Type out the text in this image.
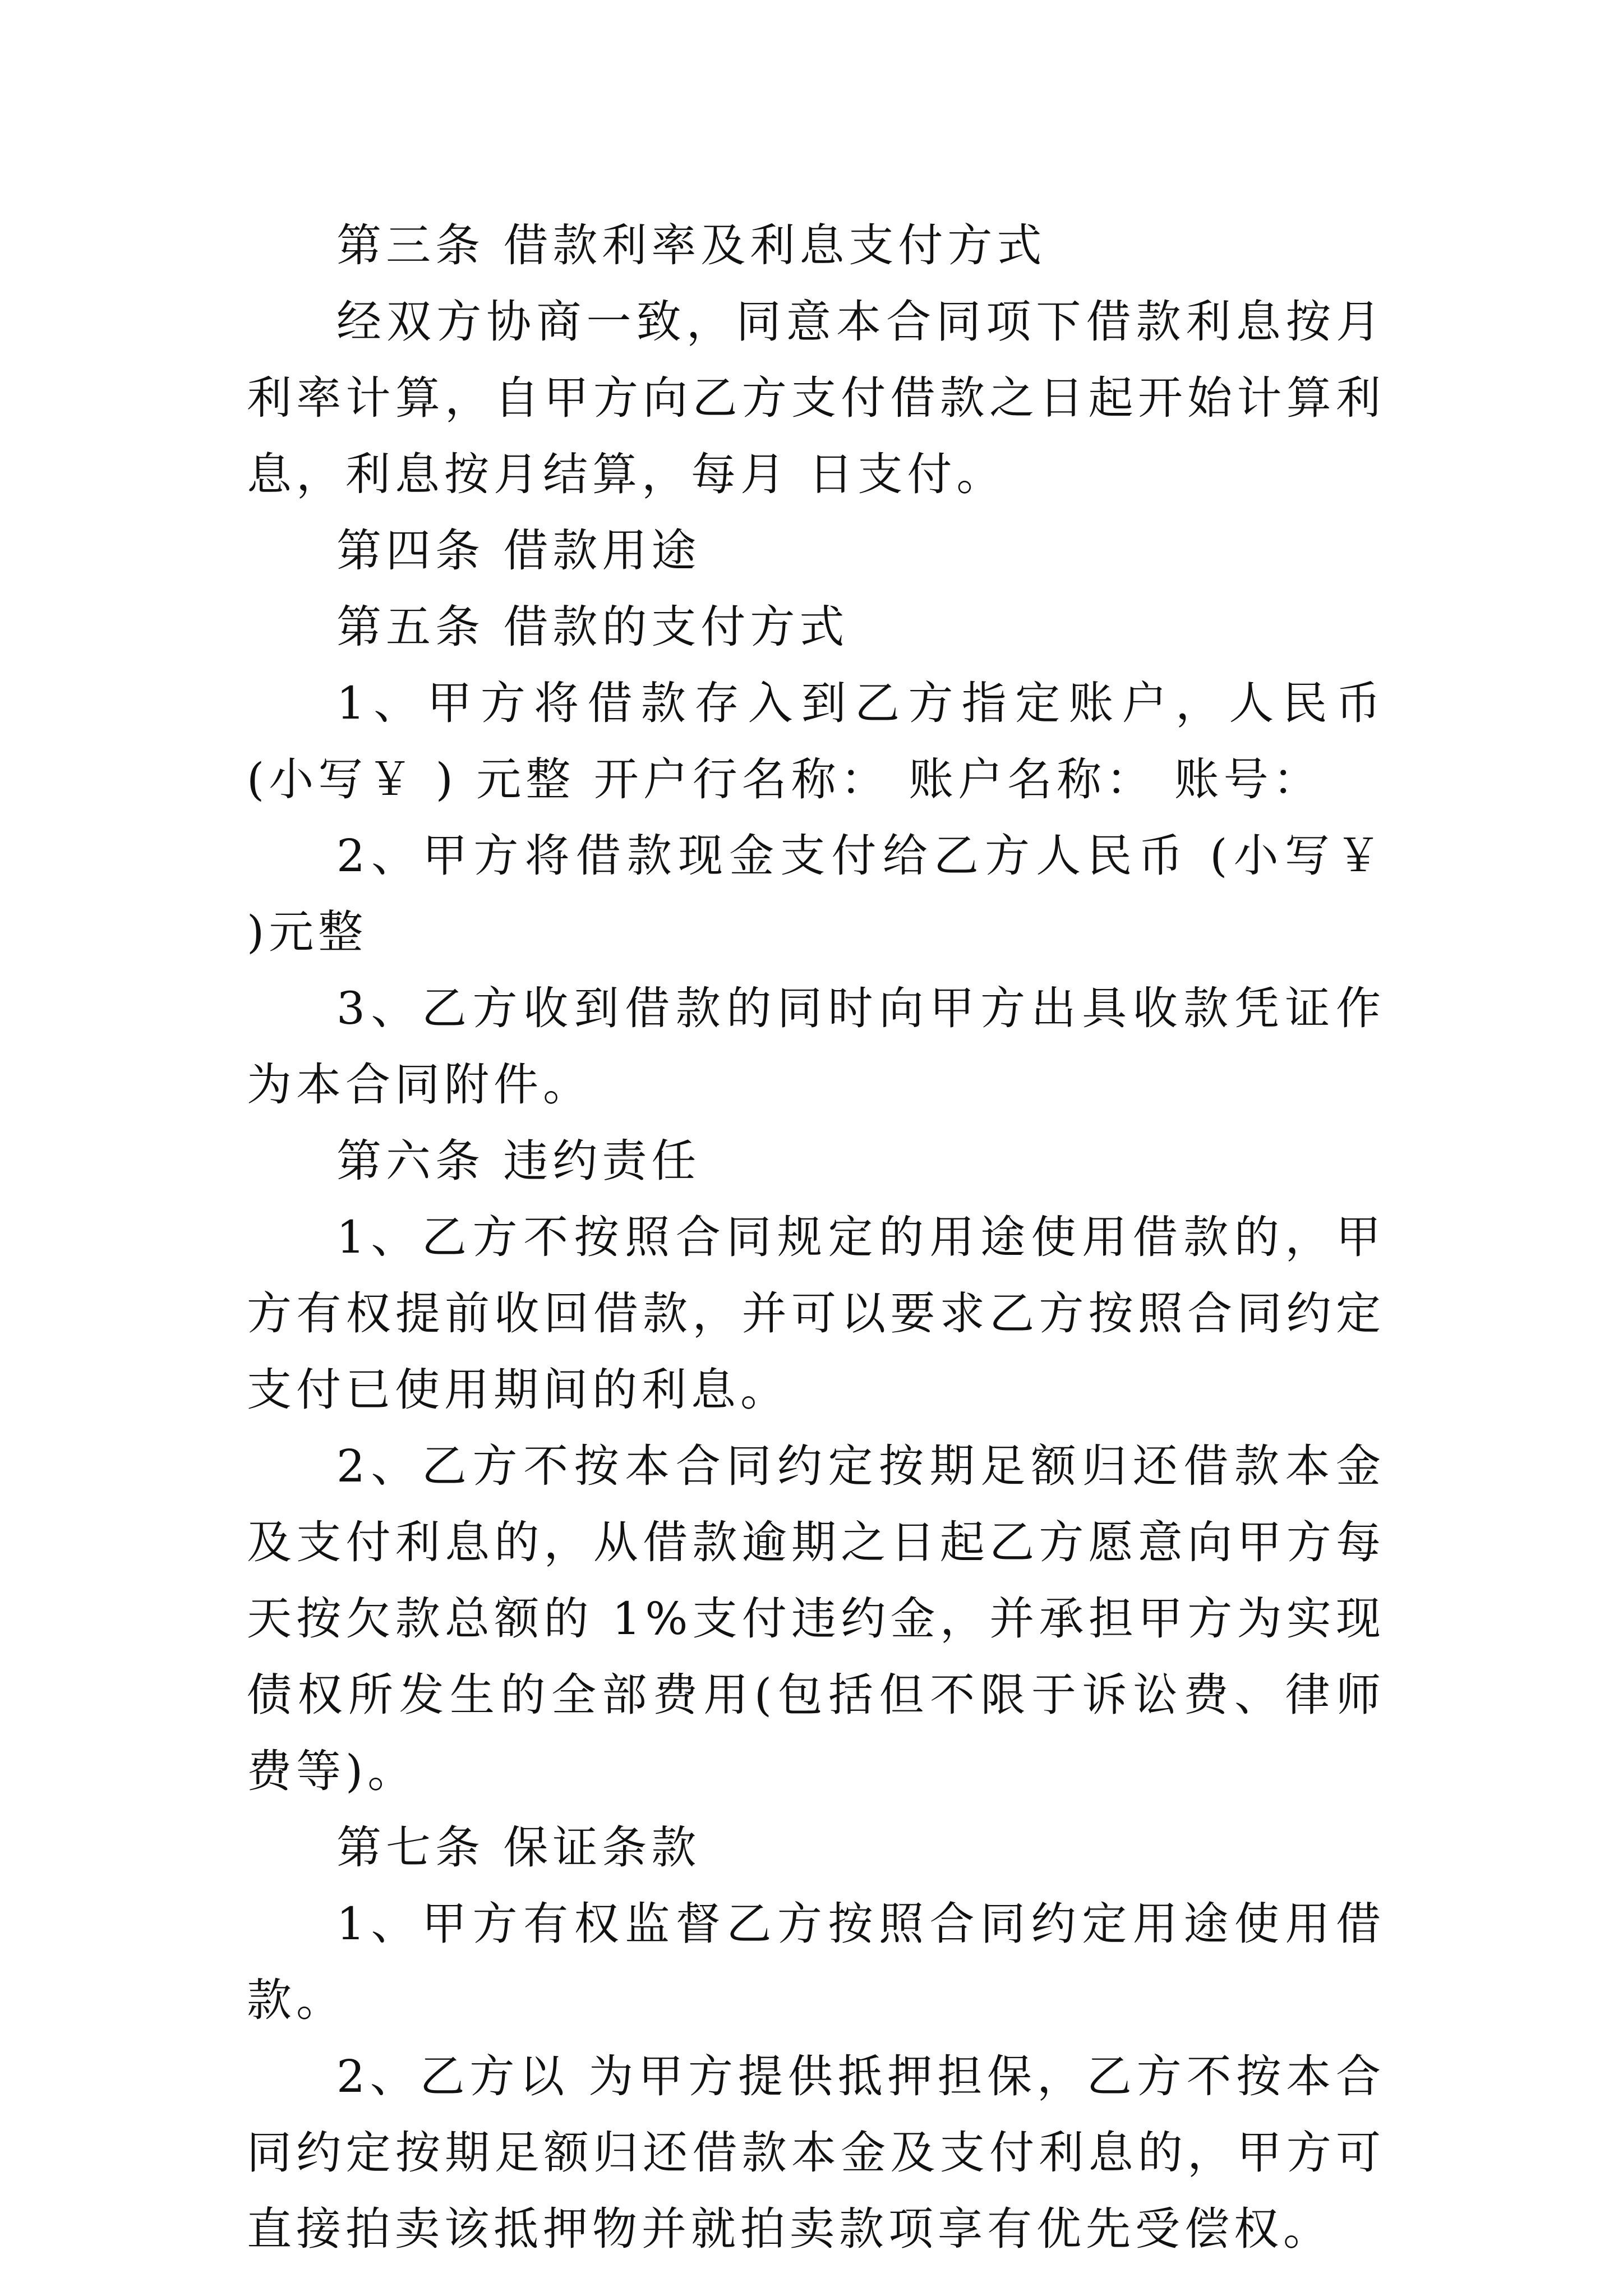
第三条 借款利率及利息支付方式

经双方协商一致，同意本合同项下借款利息按月利率计算，自甲方向乙方支付借款之日起开始计算利息，利息按月结算，每月 日支付。

第四条 借款用途
第五条 借款的支付方式

1、甲方将借款存入到乙方指定账户，人民币 (小写￥ ) 元整 开户行名称： 账户名称： 账号：

2、甲方将借款现金支付给乙方人民币 (小写￥ )元整

3、乙方收到借款的同时向甲方出具收款凭证作为本合同附件。

第六条 违约责任

1、乙方不按照合同规定的用途使用借款的，甲方有权提前收回借款，并可以要求乙方按照合同约定支付已使用期间的利息。

2、乙方不按本合同约定按期足额归还借款本金及支付利息的，从借款逾期之日起乙方愿意向甲方每天按欠款总额的 1%支付违约金，并承担甲方为实现债权所发生的全部费用(包括但不限于诉讼费、律师费等)。

第七条 保证条款

1、甲方有权监督乙方按照合同约定用途使用借款。

2、乙方以 为甲方提供抵押担保，乙方不按本合同约定按期足额归还借款本金及支付利息的，甲方可直接拍卖该抵押物并就拍卖款项享有优先受偿权。
